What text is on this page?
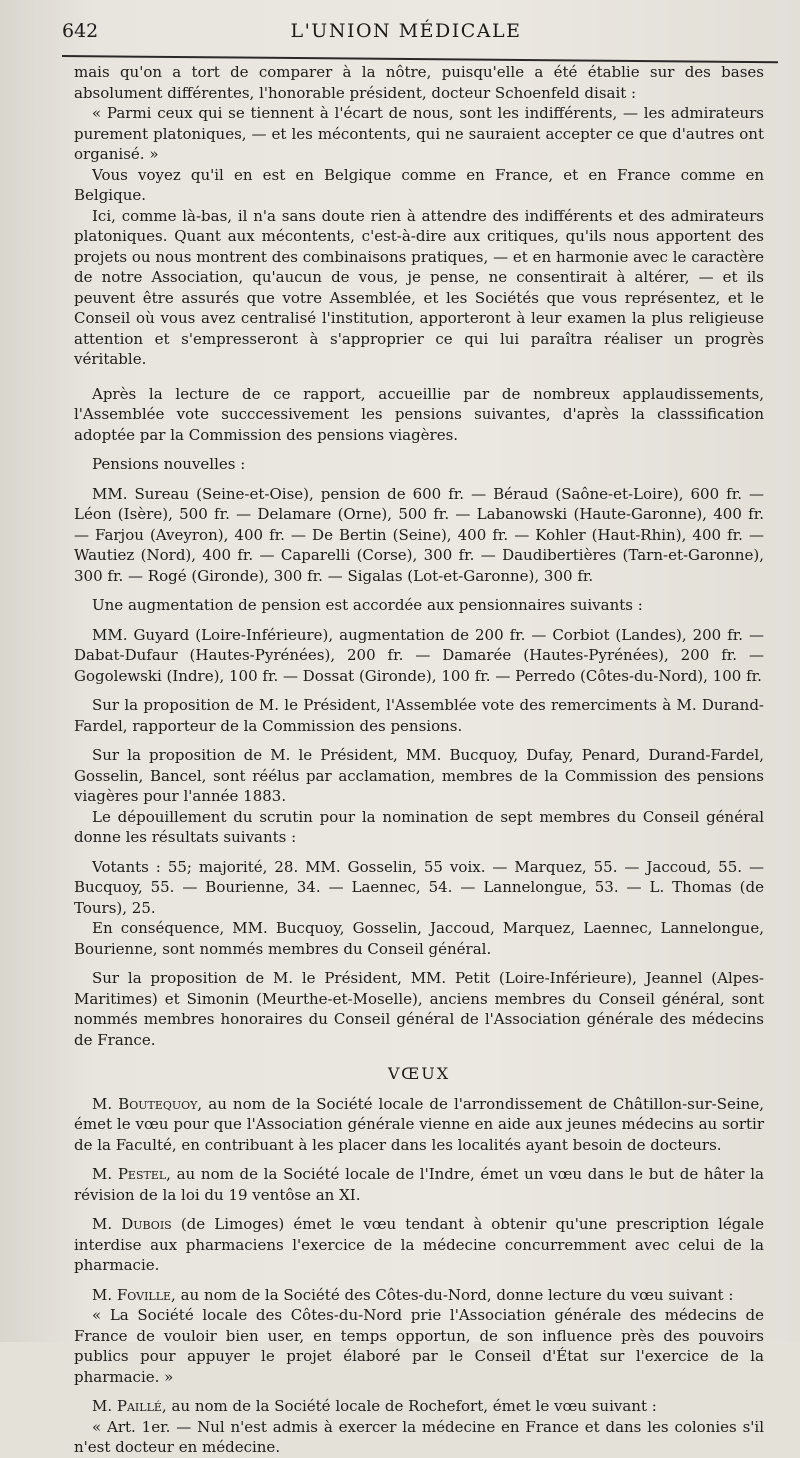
642	L'UNION MÉDICALE

mais qu'on a tort de comparer à la nôtre, puisqu'elle a été établie sur des bases absolument différentes, l'honorable président, docteur Schoenfeld disait :

« Parmi ceux qui se tiennent à l'écart de nous, sont les indifférents, — les admirateurs purement platoniques, — et les mécontents, qui ne sauraient accepter ce que d'autres ont organisé. »

Vous voyez qu'il en est en Belgique comme en France, et en France comme en Belgique.

Ici, comme là-bas, il n'a sans doute rien à attendre des indifférents et des admirateurs platoniques. Quant aux mécontents, c'est-à-dire aux critiques, qu'ils nous apportent des projets ou nous montrent des combinaisons pratiques, — et en harmonie avec le caractère de notre Association, qu'aucun de vous, je pense, ne consentirait à altérer, — et ils peuvent être assurés que votre Assemblée, et les Sociétés que vous représentez, et le Conseil où vous avez centralisé l'institution, apporteront à leur examen la plus religieuse attention et s'empresseront à s'approprier ce qui lui paraîtra réaliser un progrès véritable.

Après la lecture de ce rapport, accueillie par de nombreux applaudissements, l'Assemblée vote succcessivement les pensions suivantes, d'après la classsification adoptée par la Commission des pensions viagères.

Pensions nouvelles :

MM. Sureau (Seine-et-Oise), pension de 600 fr. — Béraud (Saône-et-Loire), 600 fr. — Léon (Isère), 500 fr. — Delamare (Orne), 500 fr. — Labanowski (Haute-Garonne), 400 fr. — Farjou (Aveyron), 400 fr. — De Bertin (Seine), 400 fr. — Kohler (Haut-Rhin), 400 fr. — Wautiez (Nord), 400 fr. — Caparelli (Corse), 300 fr. — Daudibertières (Tarn-et-Garonne), 300 fr. — Rogé (Gironde), 300 fr. — Sigalas (Lot-et-Garonne), 300 fr.

Une augmentation de pension est accordée aux pensionnaires suivants :

MM. Guyard (Loire-Inférieure), augmentation de 200 fr. — Corbiot (Landes), 200 fr. — Dabat-Dufaur (Hautes-Pyrénées), 200 fr. — Damarée (Hautes-Pyrénées), 200 fr. — Gogolewski (Indre), 100 fr. — Dossat (Gironde), 100 fr. — Perredo (Côtes-du-Nord), 100 fr.

Sur la proposition de M. le Président, l'Assemblée vote des remerciments à M. Durand-Fardel, rapporteur de la Commission des pensions.

Sur la proposition de M. le Président, MM. Bucquoy, Dufay, Penard, Durand-Fardel, Gosselin, Bancel, sont réélus par acclamation, membres de la Commission des pensions viagères pour l'année 1883.

Le dépouillement du scrutin pour la nomination de sept membres du Conseil général donne les résultats suivants :

Votants : 55; majorité, 28. MM. Gosselin, 55 voix. — Marquez, 55. — Jaccoud, 55. — Bucquoy, 55. — Bourienne, 34. — Laennec, 54. — Lannelongue, 53. — L. Thomas (de Tours), 25.

En conséquence, MM. Bucquoy, Gosselin, Jaccoud, Marquez, Laennec, Lannelongue, Bourienne, sont nommés membres du Conseil général.

Sur la proposition de M. le Président, MM. Petit (Loire-Inférieure), Jeannel (Alpes-Maritimes) et Simonin (Meurthe-et-Moselle), anciens membres du Conseil général, sont nommés membres honoraires du Conseil général de l'Association générale des médecins de France.

VŒUX

M. Boutequoy, au nom de la Société locale de l'arrondissement de Châtillon-sur-Seine, émet le vœu pour que l'Association générale vienne en aide aux jeunes médecins au sortir de la Faculté, en contribuant à les placer dans les localités ayant besoin de docteurs.

M. Pestel, au nom de la Société locale de l'Indre, émet un vœu dans le but de hâter la révision de la loi du 19 ventôse an XI.

M. Dubois (de Limoges) émet le vœu tendant à obtenir qu'une prescription légale interdise aux pharmaciens l'exercice de la médecine concurremment avec celui de la pharmacie.

M. Foville, au nom de la Société des Côtes-du-Nord, donne lecture du vœu suivant :

« La Société locale des Côtes-du-Nord prie l'Association générale des médecins de France de vouloir bien user, en temps opportun, de son influence près des pouvoirs publics pour appuyer le projet élaboré par le Conseil d'État sur l'exercice de la pharmacie. »

M. Paillé, au nom de la Société locale de Rochefort, émet le vœu suivant :

« Art. 1er. — Nul n'est admis à exercer la médecine en France et dans les colonies s'il n'est docteur en médecine.
